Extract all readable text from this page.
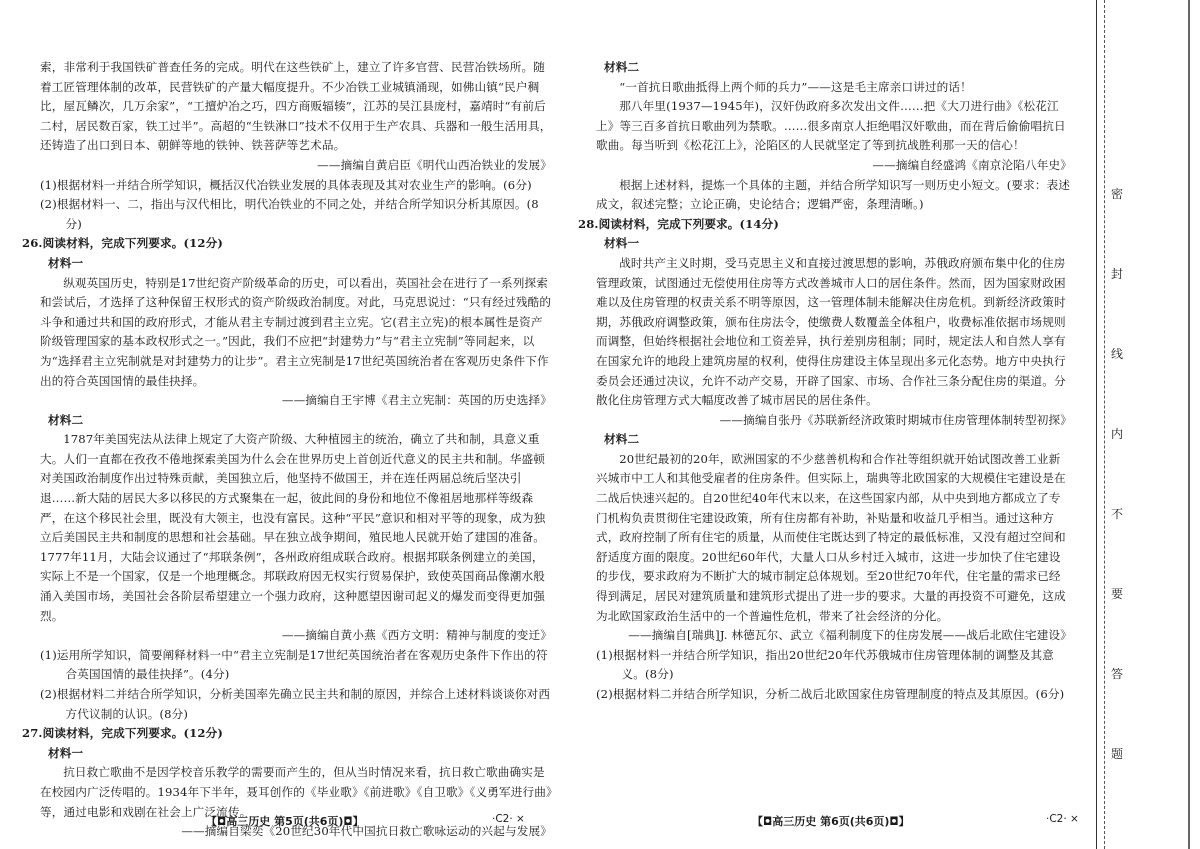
索，非常利于我国铁矿普查任务的完成。明代在这些铁矿上，建立了许多官营、民营冶铁场所。随着工匠管理体制的改革，民营铁矿的产量大幅度提升。不少冶铁工业城镇涌现，如佛山镇“民户稠比，屋瓦鳞次，几万余家”，“工擅炉冶之巧，四方商贩辐辏”，江苏的吴江县庞村，嘉靖时“有前后二村，居民数百家，铁工过半”。高超的“生铁淋口”技术不仅用于生产农具、兵器和一般生活用具，还铸造了出口到日本、朝鲜等地的铁钟、铁菩萨等艺术品。

——摘编自黄启臣《明代山西冶铁业的发展》

(1)根据材料一并结合所学知识，概括汉代冶铁业发展的具体表现及其对农业生产的影响。(6分)

(2)根据材料一、二，指出与汉代相比，明代冶铁业的不同之处，并结合所学知识分析其原因。(8分)

26.阅读材料，完成下列要求。(12分)

材料一

纵观英国历史，特别是17世纪资产阶级革命的历史，可以看出，英国社会在进行了一系列探索和尝试后，才选择了这种保留王权形式的资产阶级政治制度。对此，马克思说过：“只有经过残酷的斗争和通过共和国的政府形式，才能从君主专制过渡到君主立宪。它(君主立宪)的根本属性是资产阶级管理国家的基本政权形式之一。”因此，我们不应把“封建势力”与“君主立宪制”等同起来，以为“选择君主立宪制就是对封建势力的让步”。君主立宪制是17世纪英国统治者在客观历史条件下作出的符合英国国情的最佳抉择。

——摘编自王宇博《君主立宪制：英国的历史选择》

材料二

1787年美国宪法从法律上规定了大资产阶级、大种植园主的统治，确立了共和制，具意义重大。人们一直都在孜孜不倦地探索美国为什么会在世界历史上首创近代意义的民主共和制。华盛顿对美国政治制度作出过特殊贡献，美国独立后，他坚持不做国王，并在连任两届总统后坚决引退……新大陆的居民大多以移民的方式聚集在一起，彼此间的身份和地位不像祖居地那样等级森严，在这个移民社会里，既没有大领主，也没有富民。这种“平民”意识和相对平等的现象，成为独立后美国民主共和制度的思想和社会基础。早在独立战争期间，殖民地人民就开始了建国的准备。1777年11月，大陆会议通过了“邦联条例”，各州政府组成联合政府。根据邦联条例建立的美国，实际上不是一个国家，仅是一个地理概念。邦联政府因无权实行贸易保护，致使英国商品像潮水般涌入美国市场，美国社会各阶层希望建立一个强力政府，这种愿望因谢司起义的爆发而变得更加强烈。

——摘编自黄小燕《西方文明：精神与制度的变迁》

(1)运用所学知识，简要阐释材料一中“君主立宪制是17世纪英国统治者在客观历史条件下作出的符合英国国情的最佳抉择”。(4分)

(2)根据材料二并结合所学知识，分析美国率先确立民主共和制的原因，并综合上述材料谈谈你对西方代议制的认识。(8分)

27.阅读材料，完成下列要求。(12分)

材料一

抗日救亡歌曲不是因学校音乐教学的需要而产生的，但从当时情况来看，抗日救亡歌曲确实是在校园内广泛传唱的。1934年下半年，聂耳创作的《毕业歌》《前进歌》《自卫歌》《义勇军进行曲》等，通过电影和戏剧在社会上广泛流传。

——摘编自梁奕《20世纪30年代中国抗日救亡歌咏运动的兴起与发展》

【◘高三历史 第5页(共6页)◘】	·C2· ×

材料二

“一首抗日歌曲抵得上两个师的兵力”——这是毛主席亲口讲过的话！

那八年里(1937—1945年)，汉奸伪政府多次发出文件……把《大刀进行曲》《松花江上》等三百多首抗日歌曲列为禁歌。……很多南京人拒绝唱汉奸歌曲，而在背后偷偷唱抗日歌曲。每当听到《松花江上》，沦陷区的人民就坚定了等到抗战胜利那一天的信心！

——摘编自经盛鸿《南京沦陷八年史》

根据上述材料，提炼一个具体的主题，并结合所学知识写一则历史小短文。(要求：表述成文，叙述完整；立论正确，史论结合；逻辑严密，条理清晰。)

28.阅读材料，完成下列要求。(14分)

材料一

战时共产主义时期，受马克思主义和直接过渡思想的影响，苏俄政府颁布集中化的住房管理政策，试图通过无偿使用住房等方式改善城市人口的居住条件。然而，因为国家财政困难以及住房管理的权责关系不明等原因，这一管理体制未能解决住房危机。到新经济政策时期，苏俄政府调整政策，颁布住房法令，使缴费人数覆盖全体租户，收费标准依据市场规则而调整，但始终根据社会地位和工资差异，执行差别房租制；同时，规定法人和自然人享有在国家允许的地段上建筑房屋的权利，使得住房建设主体呈现出多元化态势。地方中央执行委员会还通过决议，允许不动产交易，开辟了国家、市场、合作社三条分配住房的渠道。分散化住房管理方式大幅度改善了城市居民的居住条件。

——摘编自张丹《苏联新经济政策时期城市住房管理体制转型初探》

材料二

20世纪最初的20年，欧洲国家的不少慈善机构和合作社等组织就开始试图改善工业新兴城市中工人和其他受雇者的住房条件。但实际上，瑞典等北欧国家的大规模住宅建设是在二战后快速兴起的。自20世纪40年代末以来，在这些国家内部，从中央到地方都成立了专门机构负责贯彻住宅建设政策，所有住房都有补助，补贴量和收益几乎相当。通过这种方式，政府控制了所有住宅的质量，从而使住宅既达到了特定的最低标准，又没有超过空间和舒适度方面的限度。20世纪60年代，大量人口从乡村迁入城市，这进一步加快了住宅建设的步伐，要求政府为不断扩大的城市制定总体规划。至20世纪70年代，住宅量的需求已经得到满足，居民对建筑质量和建筑形式提出了进一步的要求。大量的再投资不可避免，这成为北欧国家政治生活中的一个普遍性危机，带来了社会经济的分化。

——摘编自[瑞典]J. 林德瓦尔、武立《福利制度下的住房发展——战后北欧住宅建设》

(1)根据材料一并结合所学知识，指出20世纪20年代苏俄城市住房管理体制的调整及其意义。(8分)

(2)根据材料二并结合所学知识，分析二战后北欧国家住房管理制度的特点及其原因。(6分)

【◘高三历史 第6页(共6页)◘】	·C2· ×
密
封
线
内
不
要
答
题
